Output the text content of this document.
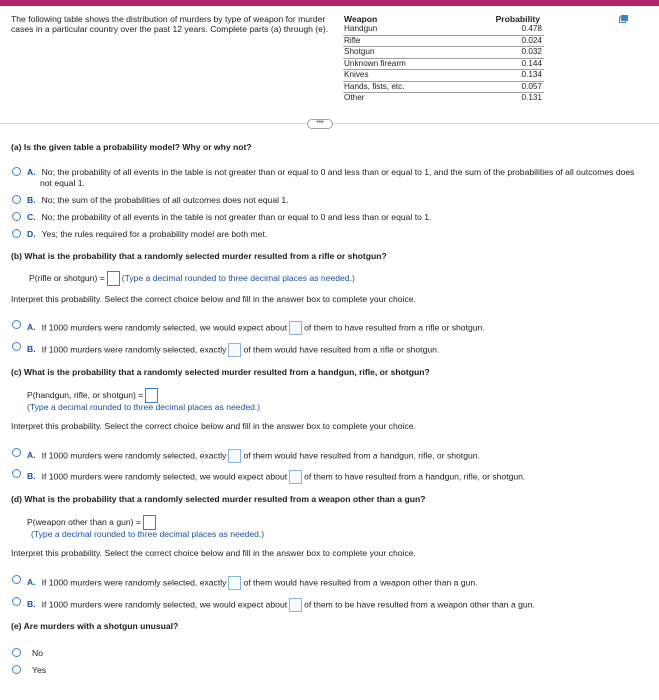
The following table shows the distribution of murders by type of weapon for murder cases in a particular country over the past 12 years. Complete parts (a) through (e).
Weapon	Probability
Handgun	0.478
Rifle	0.024
Shotgun	0.032
Unknown firearm	0.144
Knives	0.134
Hands, fists, etc.	0.057
Other	0.131
•••
(a) Is the given table a probability model? Why or why not?
A. No; the probability of all events in the table is not greater than or equal to 0 and less than or equal to 1, and the sum of the probabilities of all outcomes does
not equal 1.
B. No; the sum of the probabilities of all outcomes does not equal 1.
C. No; the probability of all events in the table is not greater than or equal to 0 and less than or equal to 1.
D. Yes; the rules required for a probability model are both met.
(b) What is the probability that a randomly selected murder resulted from a rifle or shotgun?
P(rifle or shotgun) = (Type a decimal rounded to three decimal places as needed.)
Interpret this probability. Select the correct choice below and fill in the answer box to complete your choice.
A. If 1000 murders were randomly selected, we would expect about of them to have resulted from a rifle or shotgun.
B. If 1000 murders were randomly selected, exactly of them would have resulted from a rifle or shotgun.
(c) What is the probability that a randomly selected murder resulted from a handgun, rifle, or shotgun?
P(handgun, rifle, or shotgun) =
(Type a decimal rounded to three decimal places as needed.)
Interpret this probability. Select the correct choice below and fill in the answer box to complete your choice.
A. If 1000 murders were randomly selected, exactly of them would have resulted from a handgun, rifle, or shotgun.
B. If 1000 murders were randomly selected, we would expect about of them to have resulted from a handgun, rifle, or shotgun.
(d) What is the probability that a randomly selected murder resulted from a weapon other than a gun?
P(weapon other than a gun) =
(Type a decimal rounded to three decimal places as needed.)
Interpret this probability. Select the correct choice below and fill in the answer box to complete your choice.
A. If 1000 murders were randomly selected, exactly of them would have resulted from a weapon other than a gun.
B. If 1000 murders were randomly selected, we would expect about of them to be have resulted from a weapon other than a gun.
(e) Are murders with a shotgun unusual?
No
Yes
